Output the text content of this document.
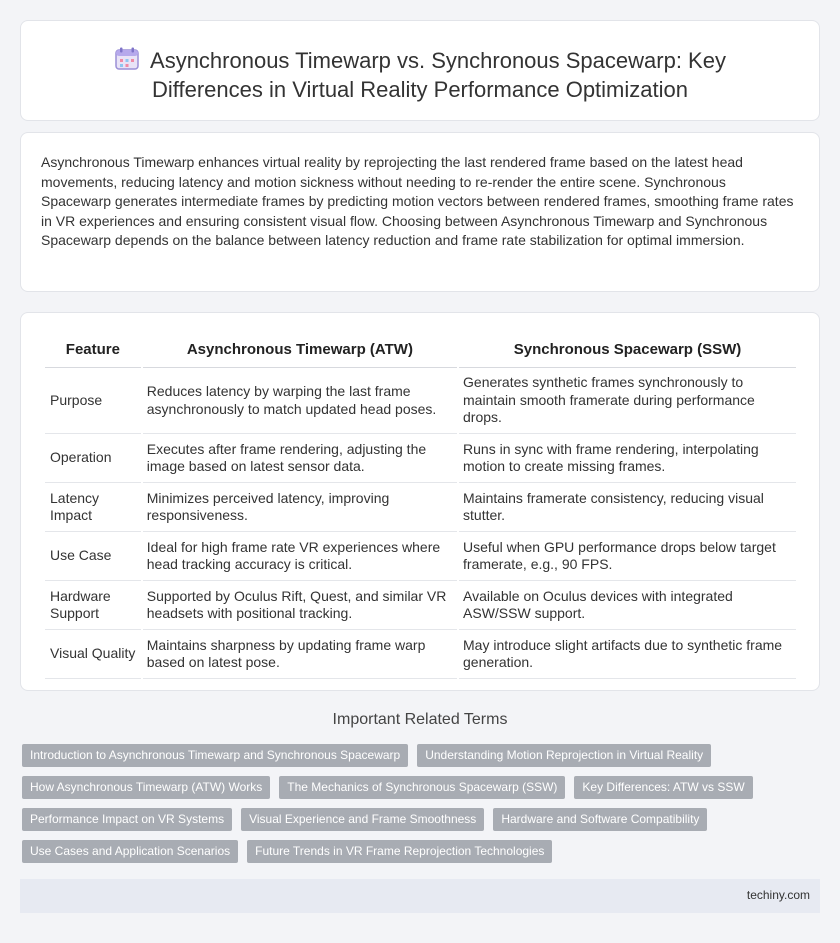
Asynchronous Timewarp vs. Synchronous Spacewarp: Key
Differences in Virtual Reality Performance Optimization

Asynchronous Timewarp enhances virtual reality by reprojecting the last rendered frame based on the latest head movements, reducing latency and motion sickness without needing to re-render the entire scene. Synchronous Spacewarp generates intermediate frames by predicting motion vectors between rendered frames, smoothing frame rates in VR experiences and ensuring consistent visual flow. Choosing between Asynchronous Timewarp and Synchronous Spacewarp depends on the balance between latency reduction and frame rate stabilization for optimal immersion.

Feature	Asynchronous Timewarp (ATW)	Synchronous Spacewarp (SSW)
Purpose	Reduces latency by warping the last frame asynchronously to match updated head poses.	Generates synthetic frames synchronously to maintain smooth framerate during performance drops.
Operation	Executes after frame rendering, adjusting the image based on latest sensor data.	Runs in sync with frame rendering, interpolating motion to create missing frames.
Latency Impact	Minimizes perceived latency, improving responsiveness.	Maintains framerate consistency, reducing visual stutter.
Use Case	Ideal for high frame rate VR experiences where head tracking accuracy is critical.	Useful when GPU performance drops below target framerate, e.g., 90 FPS.
Hardware Support	Supported by Oculus Rift, Quest, and similar VR headsets with positional tracking.	Available on Oculus devices with integrated ASW/SSW support.
Visual Quality	Maintains sharpness by updating frame warp based on latest pose.	May introduce slight artifacts due to synthetic frame generation.
Important Related Terms
Introduction to Asynchronous Timewarp and Synchronous Spacewarp	Understanding Motion Reprojection in Virtual Reality
How Asynchronous Timewarp (ATW) Works	The Mechanics of Synchronous Spacewarp (SSW)	Key Differences: ATW vs SSW
Performance Impact on VR Systems	Visual Experience and Frame Smoothness	Hardware and Software Compatibility
Use Cases and Application Scenarios	Future Trends in VR Frame Reprojection Technologies
techiny.com
